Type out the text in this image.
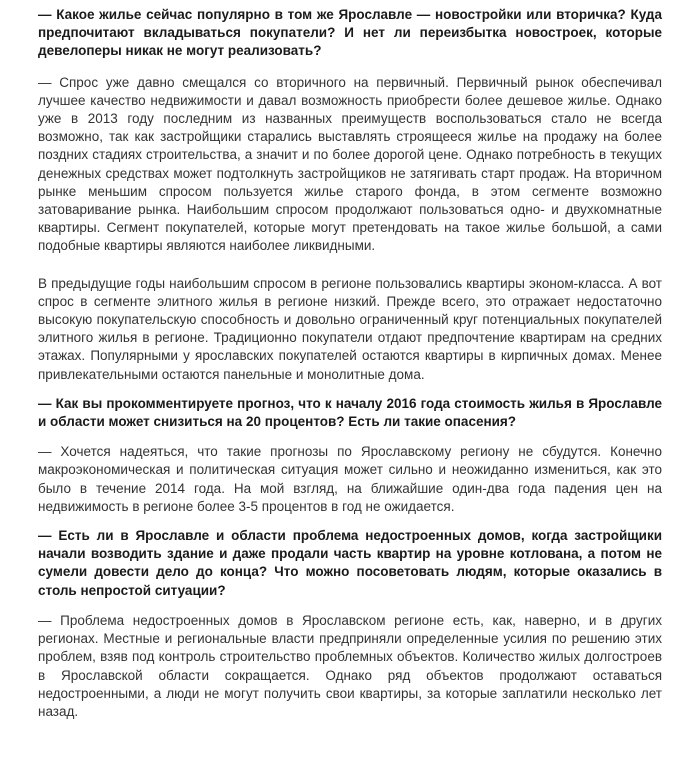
— Какое жилье сейчас популярно в том же Ярославле — новостройки или вторичка? Куда предпочитают вкладываться покупатели? И нет ли переизбытка новостроек, которые девелоперы никак не могут реализовать?

— Спрос уже давно смещался со вторичного на первичный. Первичный рынок обеспечивал лучшее качество недвижимости и давал возможность приобрести более дешевое жилье. Однако уже в 2013 году последним из названных преимуществ воспользоваться стало не всегда возможно, так как застройщики старались выставлять строящееся жилье на продажу на более поздних стадиях строительства, а значит и по более дорогой цене. Однако потребность в текущих денежных средствах может подтолкнуть застройщиков не затягивать старт продаж. На вторичном рынке меньшим спросом пользуется жилье старого фонда, в этом сегменте возможно затоваривание рынка. Наибольшим спросом продолжают пользоваться одно- и двухкомнатные квартиры. Сегмент покупателей, которые могут претендовать на такое жилье большой, а сами подобные квартиры являются наиболее ликвидными.

В предыдущие годы наибольшим спросом в регионе пользовались квартиры эконом-класса. А вот спрос в сегменте элитного жилья в регионе низкий. Прежде всего, это отражает недостаточно высокую покупательскую способность и довольно ограниченный круг потенциальных покупателей элитного жилья в регионе. Традиционно покупатели отдают предпочтение квартирам на средних этажах. Популярными у ярославских покупателей остаются квартиры в кирпичных домах. Менее привлекательными остаются панельные и монолитные дома.

— Как вы прокомментируете прогноз, что к началу 2016 года стоимость жилья в Ярославле и области может снизиться на 20 процентов? Есть ли такие опасения?

— Хочется надеяться, что такие прогнозы по Ярославскому региону не сбудутся. Конечно макроэкономическая и политическая ситуация может сильно и неожиданно измениться, как это было в течение 2014 года. На мой взгляд, на ближайшие один-два года падения цен на недвижимость в регионе более 3-5 процентов в год не ожидается.

— Есть ли в Ярославле и области проблема недостроенных домов, когда застройщики начали возводить здание и даже продали часть квартир на уровне котлована, а потом не сумели довести дело до конца? Что можно посоветовать людям, которые оказались в столь непростой ситуации?

— Проблема недостроенных домов в Ярославском регионе есть, как, наверно, и в других регионах. Местные и региональные власти предприняли определенные усилия по решению этих проблем, взяв под контроль строительство проблемных объектов. Количество жилых долгостроев в Ярославской области сокращается. Однако ряд объектов продолжают оставаться недостроенными, а люди не могут получить свои квартиры, за которые заплатили несколько лет назад.
